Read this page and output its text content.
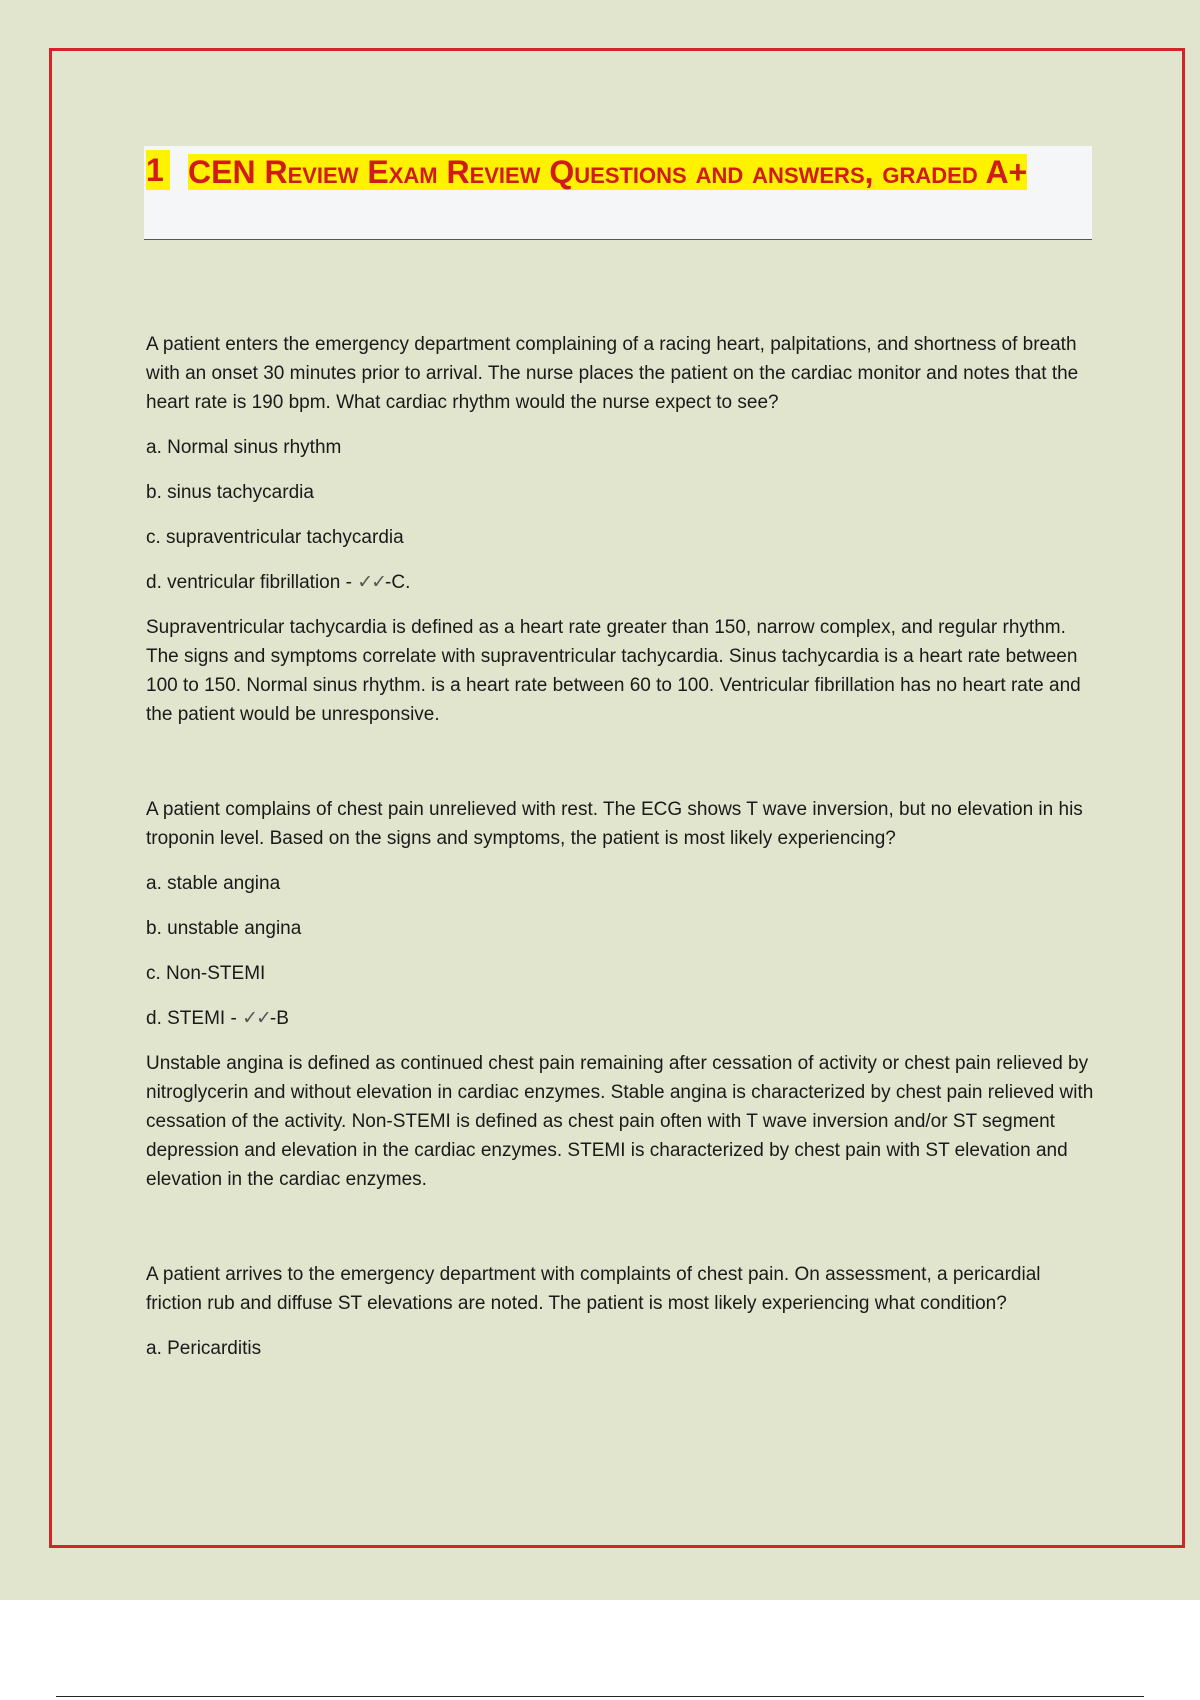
1 CEN Review Exam Review Questions and answers, graded A+

A patient enters the emergency department complaining of a racing heart, palpitations, and shortness of breath with an onset 30 minutes prior to arrival. The nurse places the patient on the cardiac monitor and notes that the heart rate is 190 bpm. What cardiac rhythm would the nurse expect to see?

a. Normal sinus rhythm

b. sinus tachycardia

c. supraventricular tachycardia

d. ventricular fibrillation - ✓✓-C.

Supraventricular tachycardia is defined as a heart rate greater than 150, narrow complex, and regular rhythm. The signs and symptoms correlate with supraventricular tachycardia. Sinus tachycardia is a heart rate between 100 to 150. Normal sinus rhythm. is a heart rate between 60 to 100. Ventricular fibrillation has no heart rate and the patient would be unresponsive.

A patient complains of chest pain unrelieved with rest. The ECG shows T wave inversion, but no elevation in his troponin level. Based on the signs and symptoms, the patient is most likely experiencing?

a. stable angina

b. unstable angina

c. Non-STEMI

d. STEMI - ✓✓-B

Unstable angina is defined as continued chest pain remaining after cessation of activity or chest pain relieved by nitroglycerin and without elevation in cardiac enzymes. Stable angina is characterized by chest pain relieved with cessation of the activity. Non-STEMI is defined as chest pain often with T wave inversion and/or ST segment depression and elevation in the cardiac enzymes. STEMI is characterized by chest pain with ST elevation and elevation in the cardiac enzymes.

A patient arrives to the emergency department with complaints of chest pain. On assessment, a pericardial friction rub and diffuse ST elevations are noted. The patient is most likely experiencing what condition?

a. Pericarditis
